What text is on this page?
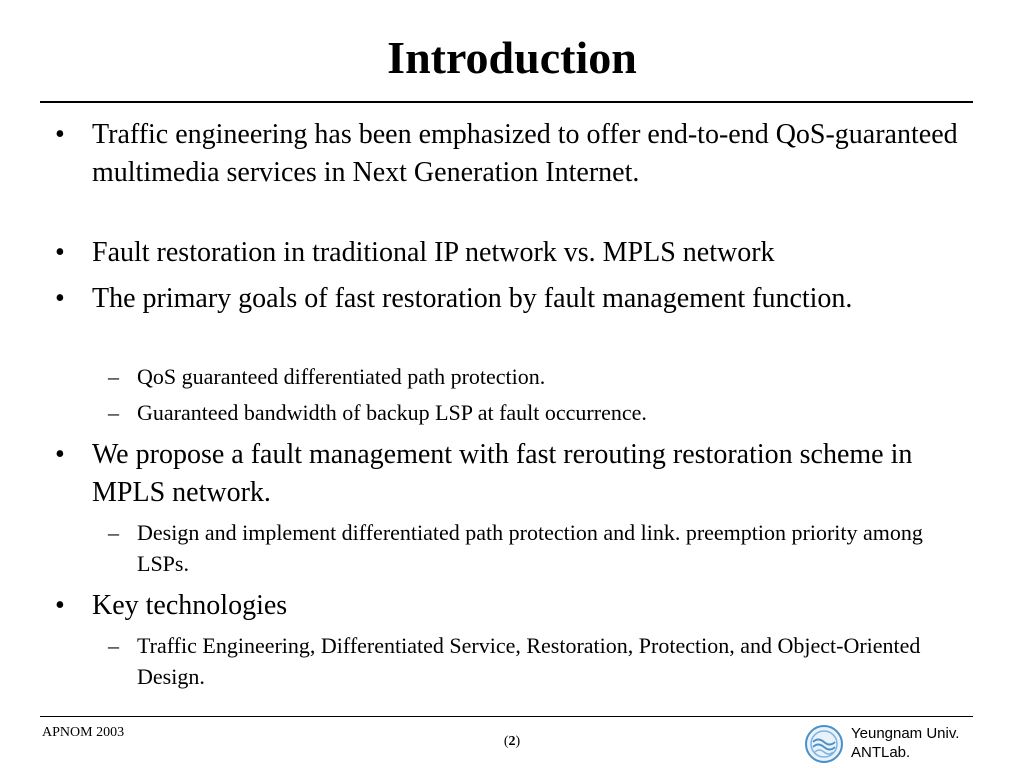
Introduction
• Traffic engineering has been emphasized to offer end-to-end QoS-guaranteed multimedia services in Next Generation Internet.
• Fault restoration in traditional IP network vs. MPLS network
• The primary goals of fast restoration by fault management function.
– QoS guaranteed differentiated path protection.
– Guaranteed bandwidth of backup LSP at fault occurrence.
• We propose a fault management with fast rerouting restoration scheme in MPLS network.
– Design and implement differentiated path protection and link. preemption priority among LSPs.
• Key technologies
– Traffic Engineering, Differentiated Service, Restoration, Protection, and Object-Oriented Design.
APNOM 2003
(2)	Yeungnam Univ.
ANTLab.
